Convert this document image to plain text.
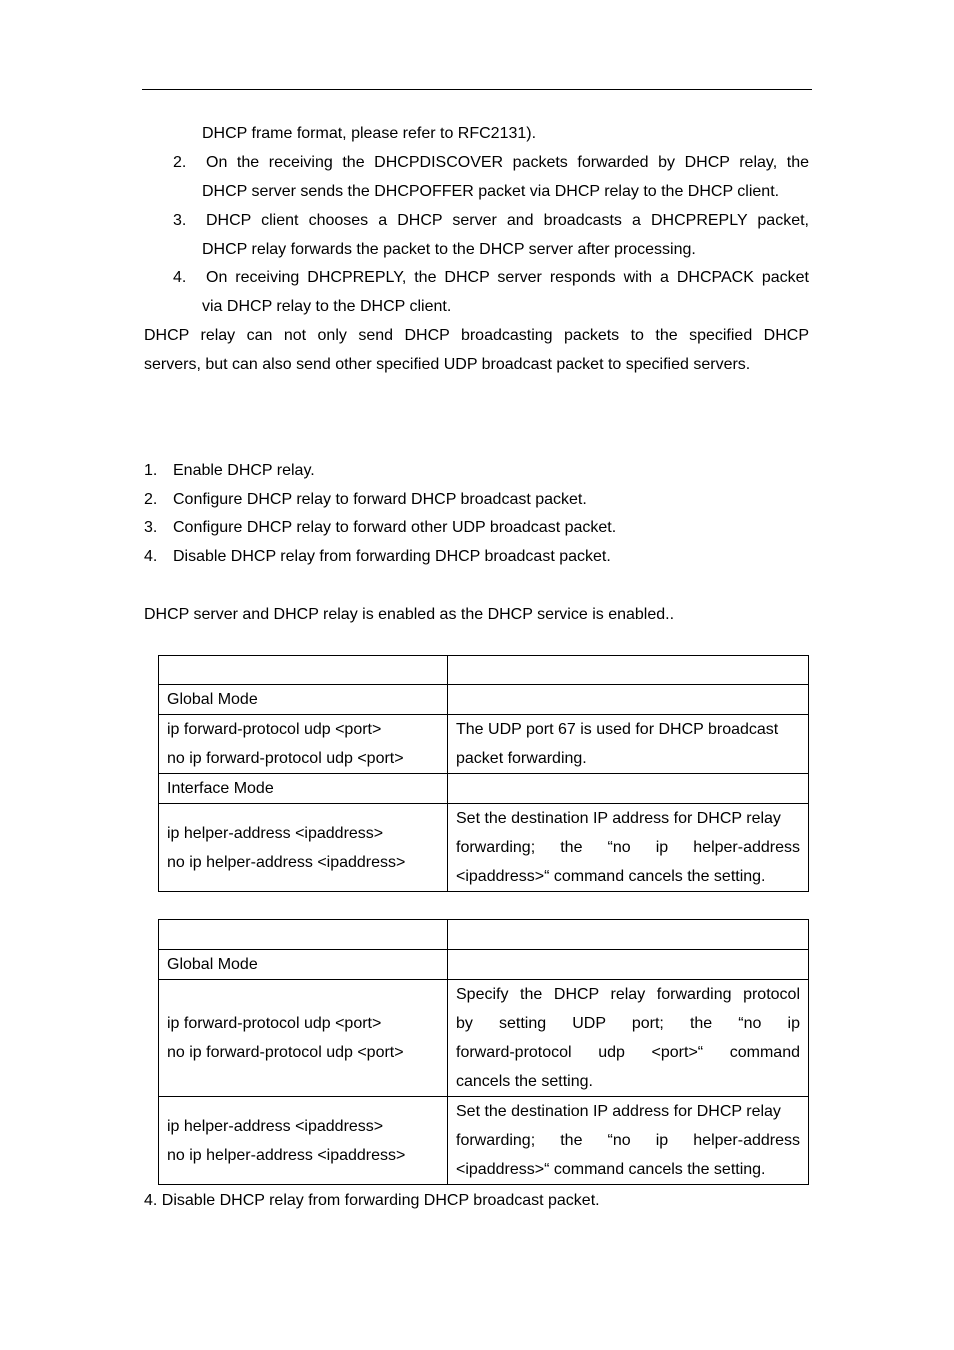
DHCP frame format, please refer to RFC2131).
2. On the receiving the DHCPDISCOVER packets forwarded by DHCP relay, the
DHCP server sends the DHCPOFFER packet via DHCP relay to the DHCP client.
3. DHCP client chooses a DHCP server and broadcasts a DHCPREPLY packet,
DHCP relay forwards the packet to the DHCP server after processing.
4. On receiving DHCPREPLY, the DHCP server responds with a DHCPACK packet
via DHCP relay to the DHCP client.
DHCP relay can not only send DHCP broadcasting packets to the specified DHCP
servers, but can also send other specified UDP broadcast packet to specified servers.
1. Enable DHCP relay.
2. Configure DHCP relay to forward DHCP broadcast packet.
3. Configure DHCP relay to forward other UDP broadcast packet.
4. Disable DHCP relay from forwarding DHCP broadcast packet.
DHCP server and DHCP relay is enabled as the DHCP service is enabled..

Global Mode	

ip forward-protocol udp <port>
no ip forward-protocol udp <port>	The UDP port 67 is used for DHCP broadcast
packet forwarding.

Interface Mode	

ip helper-address <ipaddress>
no ip helper-address <ipaddress>	Set the destination IP address for DHCP relay
forwarding; the “no ip helper-address
<ipaddress>“ command cancels the setting.

Global Mode	

ip forward-protocol udp <port>
no ip forward-protocol udp <port>	Specify the DHCP relay forwarding protocol
by setting UDP port; the “no ip
forward-protocol udp <port>“ command
cancels the setting.

ip helper-address <ipaddress>
no ip helper-address <ipaddress>	Set the destination IP address for DHCP relay
forwarding; the “no ip helper-address
<ipaddress>“ command cancels the setting.
4. Disable DHCP relay from forwarding DHCP broadcast packet.
